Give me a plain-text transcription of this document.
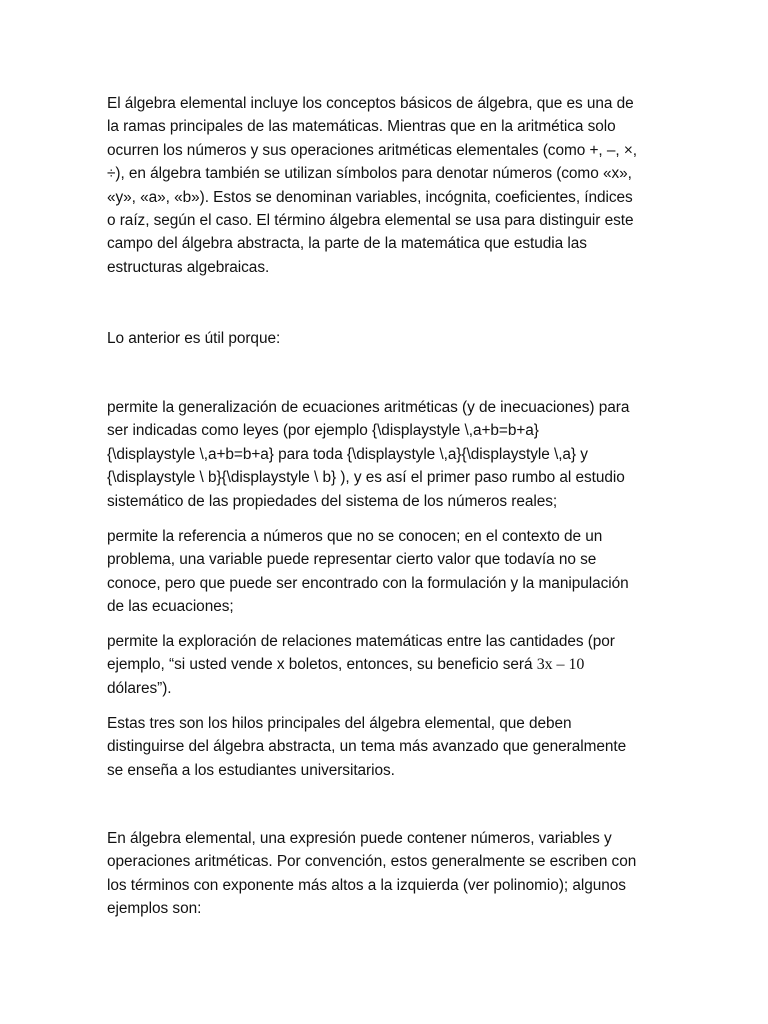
El álgebra elemental incluye los conceptos básicos de álgebra, que es una de
la ramas principales de las matemáticas. Mientras que en la aritmética solo
ocurren los números y sus operaciones aritméticas elementales (como +, –, ×,
÷), en álgebra también se utilizan símbolos para denotar números (como «x»,
«y», «a», «b»). Estos se denominan variables, incógnita, coeficientes, índices
o raíz, según el caso. El término álgebra elemental se usa para distinguir este
campo del álgebra abstracta, la parte de la matemática que estudia las
estructuras algebraicas.

Lo anterior es útil porque:

permite la generalización de ecuaciones aritméticas (y de inecuaciones) para
ser indicadas como leyes (por ejemplo {\displaystyle \,a+b=b+a}
{\displaystyle \,a+b=b+a} para toda {\displaystyle \,a}{\displaystyle \,a} y
{\displaystyle \ b}{\displaystyle \ b} ), y es así el primer paso rumbo al estudio
sistemático de las propiedades del sistema de los números reales;

permite la referencia a números que no se conocen; en el contexto de un
problema, una variable puede representar cierto valor que todavía no se
conoce, pero que puede ser encontrado con la formulación y la manipulación
de las ecuaciones;

permite la exploración de relaciones matemáticas entre las cantidades (por
ejemplo, “si usted vende x boletos, entonces, su beneficio será 3x – 10
dólares”).

Estas tres son los hilos principales del álgebra elemental, que deben
distinguirse del álgebra abstracta, un tema más avanzado que generalmente
se enseña a los estudiantes universitarios.

En álgebra elemental, una expresión puede contener números, variables y
operaciones aritméticas. Por convención, estos generalmente se escriben con
los términos con exponente más altos a la izquierda (ver polinomio); algunos
ejemplos son:
